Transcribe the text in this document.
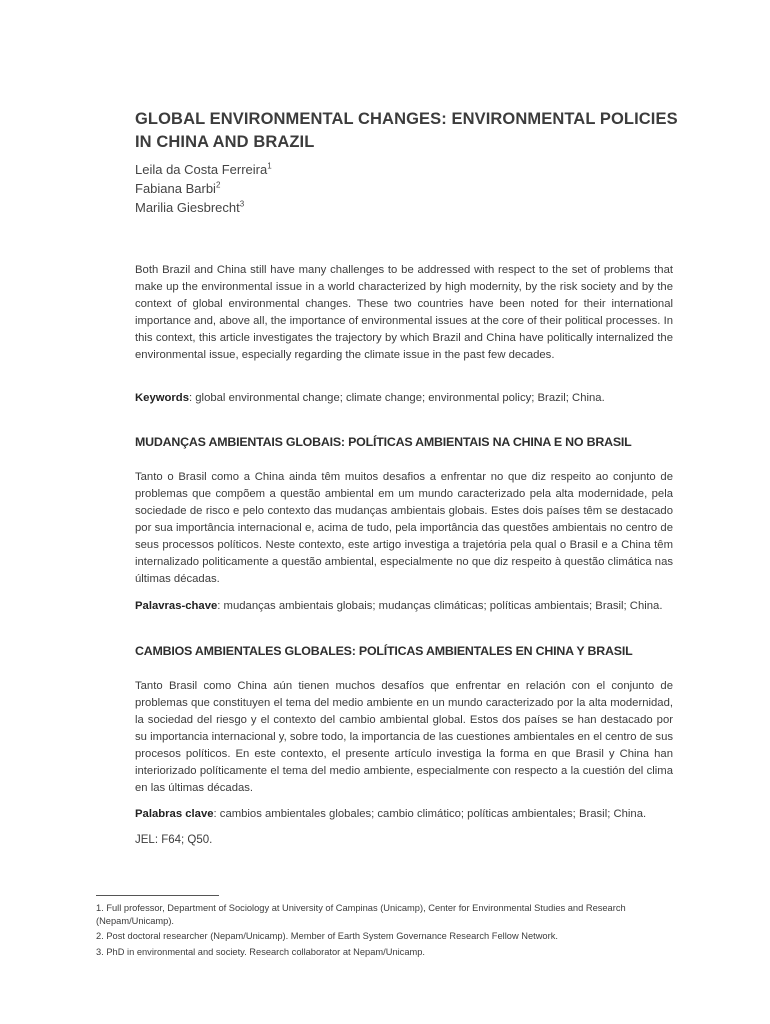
GLOBAL ENVIRONMENTAL CHANGES: ENVIRONMENTAL POLICIES IN CHINA AND BRAZIL
Leila da Costa Ferreira$^1$
Fabiana Barbi$^2$
Marilia Giesbrecht$^3$

Both Brazil and China still have many challenges to be addressed with respect to the set of problems that make up the environmental issue in a world characterized by high modernity, by the risk society and by the context of global environmental changes. These two countries have been noted for their international importance and, above all, the importance of environmental issues at the core of their political processes. In this context, this article investigates the trajectory by which Brazil and China have politically internalized the environmental issue, especially regarding the climate issue in the past few decades.

Keywords: global environmental change; climate change; environmental policy; Brazil; China.

MUDANÇAS AMBIENTAIS GLOBAIS: POLÍTICAS AMBIENTAIS NA CHINA E NO BRASIL

Tanto o Brasil como a China ainda têm muitos desafios a enfrentar no que diz respeito ao conjunto de problemas que compõem a questão ambiental em um mundo caracterizado pela alta modernidade, pela sociedade de risco e pelo contexto das mudanças ambientais globais. Estes dois países têm se destacado por sua importância internacional e, acima de tudo, pela importância das questões ambientais no centro de seus processos políticos. Neste contexto, este artigo investiga a trajetória pela qual o Brasil e a China têm internalizado politicamente a questão ambiental, especialmente no que diz respeito à questão climática nas últimas décadas.

Palavras-chave: mudanças ambientais globais; mudanças climáticas; políticas ambientais; Brasil; China.

CAMBIOS AMBIENTALES GLOBALES: POLÍTICAS AMBIENTALES EN CHINA Y BRASIL

Tanto Brasil como China aún tienen muchos desafíos que enfrentar en relación con el conjunto de problemas que constituyen el tema del medio ambiente en un mundo caracterizado por la alta modernidad, la sociedad del riesgo y el contexto del cambio ambiental global. Estos dos países se han destacado por su importancia internacional y, sobre todo, la importancia de las cuestiones ambientales en el centro de sus procesos políticos. En este contexto, el presente artículo investiga la forma en que Brasil y China han interiorizado políticamente el tema del medio ambiente, especialmente con respecto a la cuestión del clima en las últimas décadas.

Palabras clave: cambios ambientales globales; cambio climático; políticas ambientales; Brasil; China.

JEL: F64; Q50.

1. Full professor, Department of Sociology at University of Campinas (Unicamp), Center for Environmental Studies and Research (Nepam/Unicamp).

2. Post doctoral researcher (Nepam/Unicamp). Member of Earth System Governance Research Fellow Network.

3. PhD in environmental and society. Research collaborator at Nepam/Unicamp.
